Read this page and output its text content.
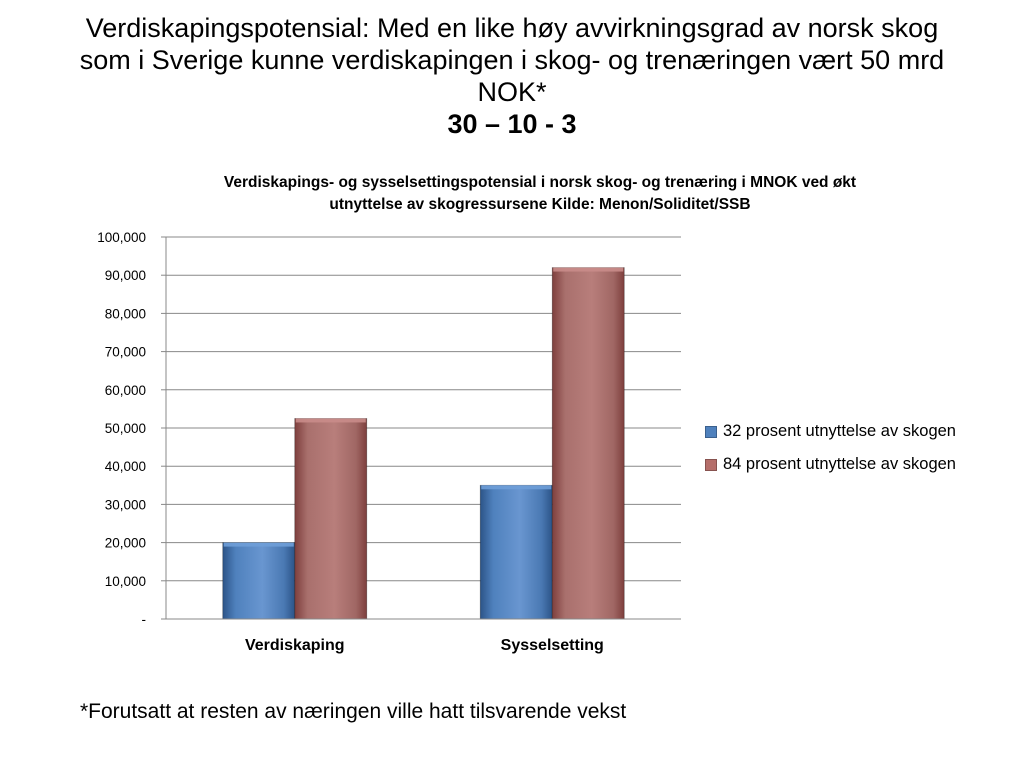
Verdiskapingspotensial: Med en like høy avvirkningsgrad av norsk skog
som i Sverige kunne verdiskapingen i skog- og trenæringen vært 50 mrd
NOK*
30 – 10 - 3
Verdiskapings- og sysselsettingspotensial i norsk skog- og trenæring i MNOK ved økt
utnyttelse av skogressursene Kilde: Menon/Soliditet/SSB
-
10,000
20,000
30,000
40,000
50,000
60,000
70,000
80,000
90,000
100,000
Verdiskaping	Sysselsetting
32 prosent utnyttelse av skogen
84 prosent utnyttelse av skogen
*Forutsatt at resten av næringen ville hatt tilsvarende vekst
